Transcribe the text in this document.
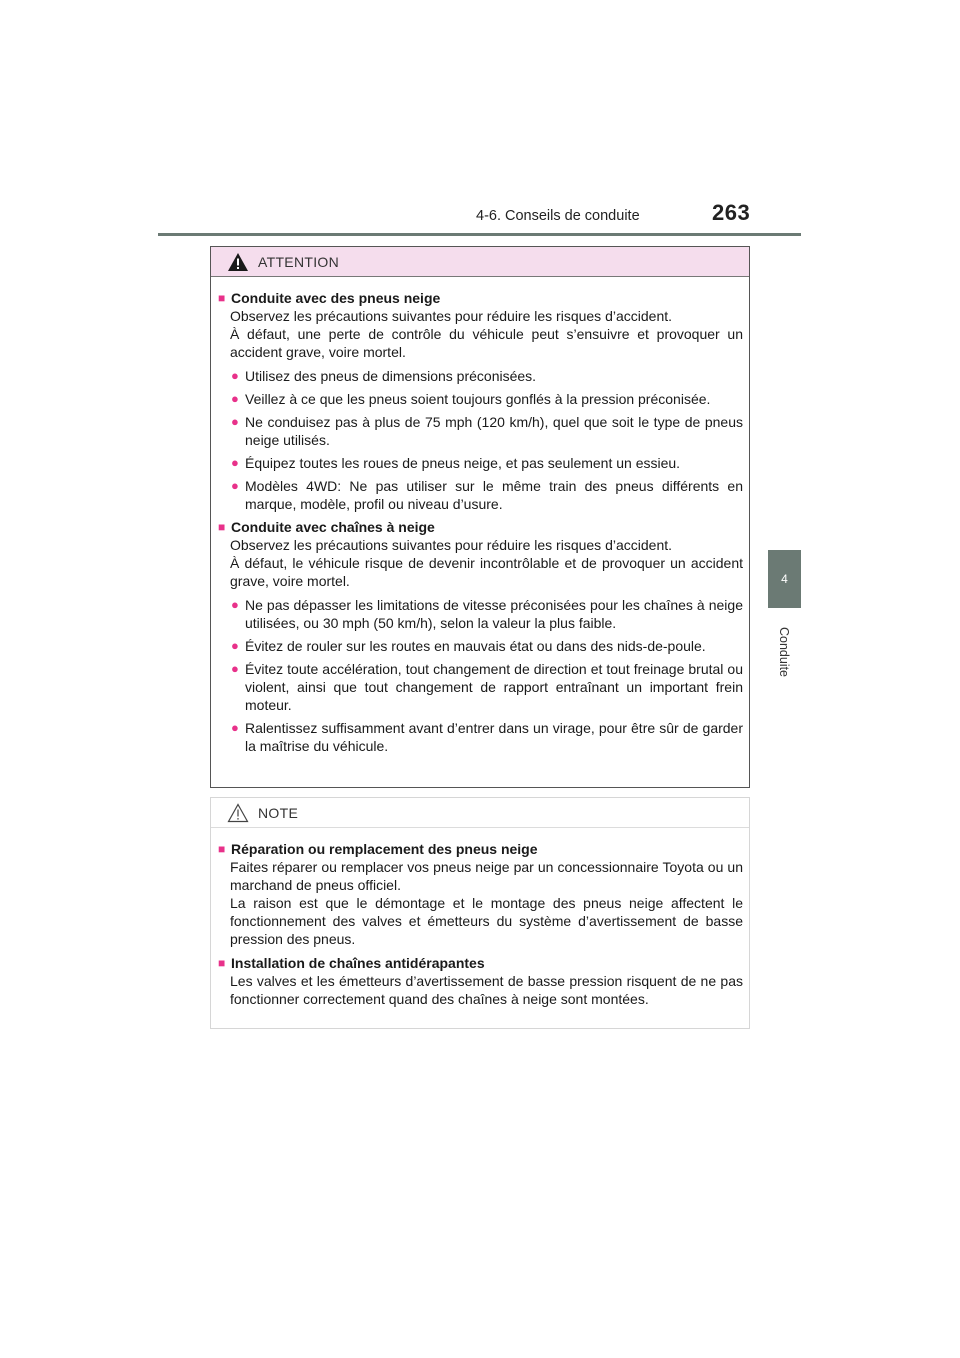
4-6. Conseils de conduite	263
4
Conduite
ATTENTION
■ Conduite avec des pneus neige

Observez les précautions suivantes pour réduire les risques d’accident.

À défaut, une perte de contrôle du véhicule peut s’ensuivre et provoquer un accident grave, voire mortel.

● Utilisez des pneus de dimensions préconisées.
● Veillez à ce que les pneus soient toujours gonflés à la pression préconisée.
● Ne conduisez pas à plus de 75 mph (120 km/h), quel que soit le type de pneus neige utilisés.
● Équipez toutes les roues de pneus neige, et pas seulement un essieu.
● Modèles 4WD: Ne pas utiliser sur le même train des pneus différents en marque, modèle, profil ou niveau d’usure.
■ Conduite avec chaînes à neige

Observez les précautions suivantes pour réduire les risques d’accident.

À défaut, le véhicule risque de devenir incontrôlable et de provoquer un accident grave, voire mortel.

● Ne pas dépasser les limitations de vitesse préconisées pour les chaînes à neige utilisées, ou 30 mph (50 km/h), selon la valeur la plus faible.
● Évitez de rouler sur les routes en mauvais état ou dans des nids-de-poule.
● Évitez toute accélération, tout changement de direction et tout freinage brutal ou violent, ainsi que tout changement de rapport entraînant un important frein moteur.
● Ralentissez suffisamment avant d’entrer dans un virage, pour être sûr de garder la maîtrise du véhicule.
NOTE
■ Réparation ou remplacement des pneus neige

Faites réparer ou remplacer vos pneus neige par un concessionnaire Toyota ou un marchand de pneus officiel.

La raison est que le démontage et le montage des pneus neige affectent le fonctionnement des valves et émetteurs du système d’avertissement de basse pression des pneus.

■ Installation de chaînes antidérapantes

Les valves et les émetteurs d’avertissement de basse pression risquent de ne pas fonctionner correctement quand des chaînes à neige sont montées.
